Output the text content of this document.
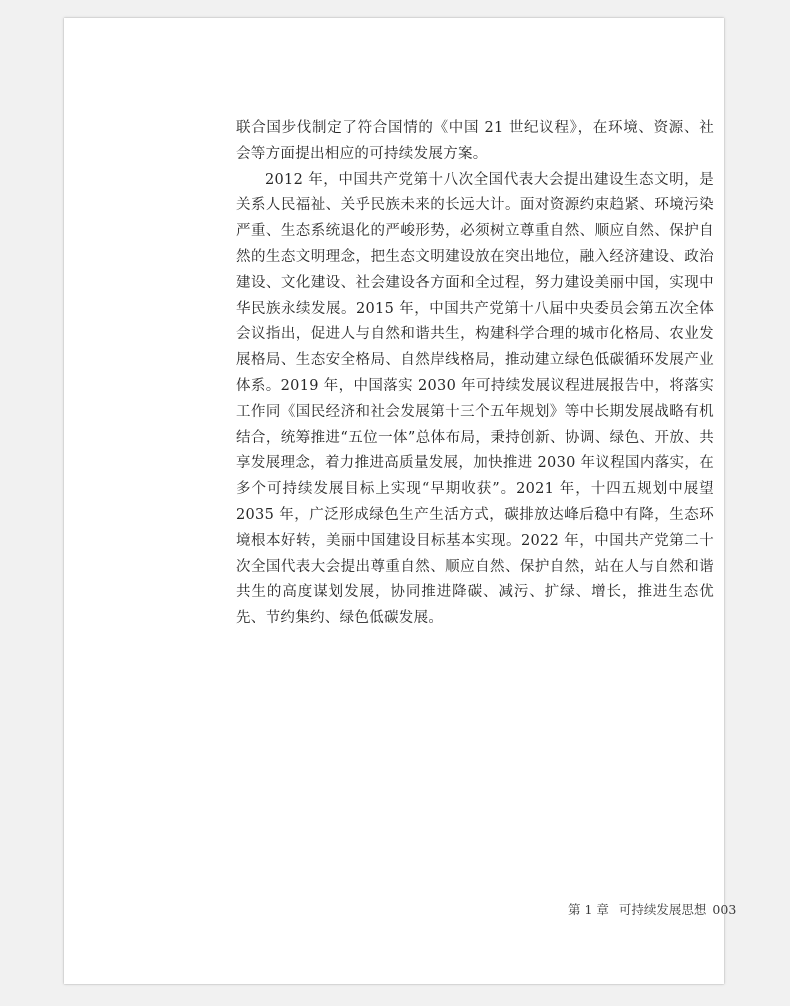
联合国步伐制定了符合国情的《中国 21 世纪议程》，在环境、资源、社会等方面提出相应的可持续发展方案。

2012 年，中国共产党第十八次全国代表大会提出建设生态文明，是关系人民福祉、关乎民族未来的长远大计。面对资源约束趋紧、环境污染严重、生态系统退化的严峻形势，必须树立尊重自然、顺应自然、保护自然的生态文明理念，把生态文明建设放在突出地位，融入经济建设、政治建设、文化建设、社会建设各方面和全过程，努力建设美丽中国，实现中华民族永续发展。2015 年，中国共产党第十八届中央委员会第五次全体会议指出，促进人与自然和谐共生，构建科学合理的城市化格局、农业发展格局、生态安全格局、自然岸线格局，推动建立绿色低碳循环发展产业体系。2019 年，中国落实 2030 年可持续发展议程进展报告中，将落实工作同《国民经济和社会发展第十三个五年规划》等中长期发展战略有机结合，统筹推进“五位一体”总体布局，秉持创新、协调、绿色、开放、共享发展理念，着力推进高质量发展，加快推进 2030 年议程国内落实，在多个可持续发展目标上实现“早期收获”。2021 年，十四五规划中展望 2035 年，广泛形成绿色生产生活方式，碳排放达峰后稳中有降，生态环境根本好转，美丽中国建设目标基本实现。2022 年，中国共产党第二十次全国代表大会提出尊重自然、顺应自然、保护自然，站在人与自然和谐共生的高度谋划发展，协同推进降碳、减污、扩绿、增长，推进生态优先、节约集约、绿色低碳发展。

第 1 章 可持续发展思想 003
